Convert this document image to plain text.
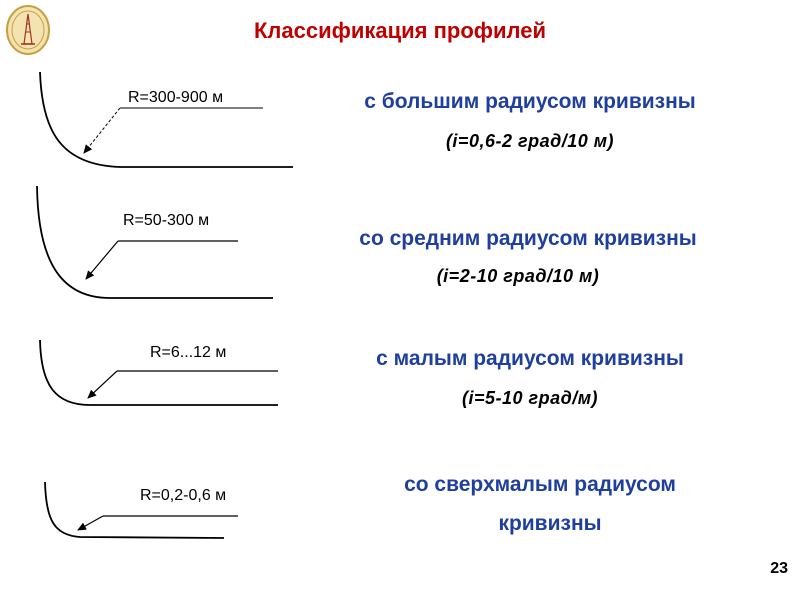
Классификация профилей
R=300-900 м
R=50-300 м
R=6...12 м
R=0,2-0,6 м
с большим радиусом кривизны
(i=0,6-2 град/10 м)
со средним радиусом кривизны
(i=2-10 град/10 м)
с малым радиусом кривизны
(i=5-10 град/м)
со сверхмалым радиусом
кривизны
23
